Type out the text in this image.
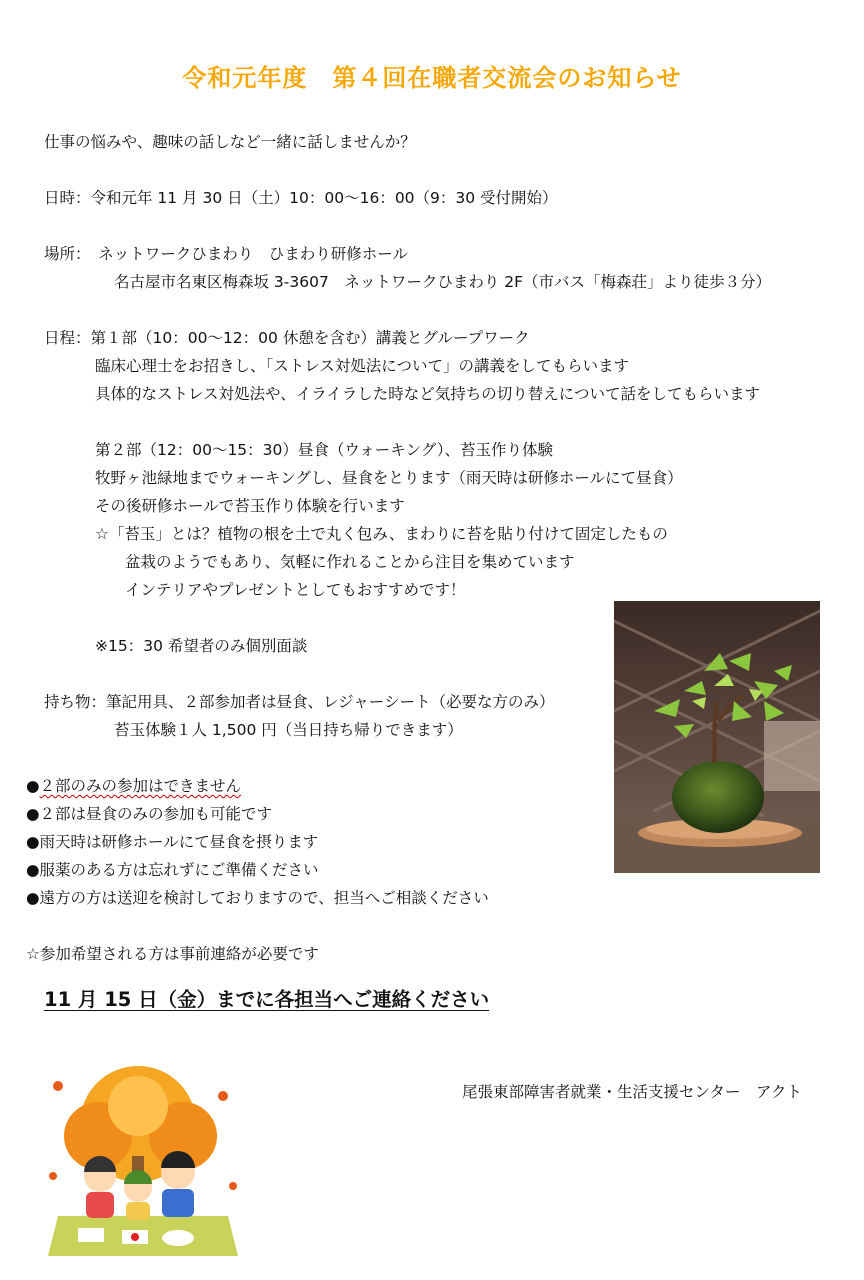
令和元年度　第４回在職者交流会のお知らせ
仕事の悩みや、趣味の話しなど一緒に話しませんか？
日時：令和元年 11 月 30 日（土）10：00～16：00（9：30 受付開始）
場所：　ネットワークひまわり　ひまわり研修ホール
名古屋市名東区梅森坂 3-3607　ネットワークひまわり 2F（市バス「梅森荘」より徒歩３分）
日程：第１部（10：00～12：00 休憩を含む）講義とグループワーク
臨床心理士をお招きし、「ストレス対処法について」の講義をしてもらいます
具体的なストレス対処法や、イライラした時など気持ちの切り替えについて話をしてもらいます
第２部（12：00～15：30）昼食（ウォーキング）、苔玉作り体験
牧野ヶ池緑地までウォーキングし、昼食をとります（雨天時は研修ホールにて昼食）
その後研修ホールで苔玉作り体験を行います
☆「苔玉」とは？植物の根を土で丸く包み、まわりに苔を貼り付けて固定したもの
盆栽のようでもあり、気軽に作れることから注目を集めています
インテリアやプレゼントとしてもおすすめです！
※15：30 希望者のみ個別面談
持ち物：筆記用具、２部参加者は昼食、レジャーシート（必要な方のみ）
苔玉体験１人 1,500 円（当日持ち帰りできます）
●２部のみの参加はできません
●２部は昼食のみの参加も可能です
●雨天時は研修ホールにて昼食を摂ります
●服薬のある方は忘れずにご準備ください
●遠方の方は送迎を検討しておりますので、担当へご相談ください
☆参加希望される方は事前連絡が必要です
11 月 15 日（金）までに各担当へご連絡ください
尾張東部障害者就業・生活支援センター　アクト
